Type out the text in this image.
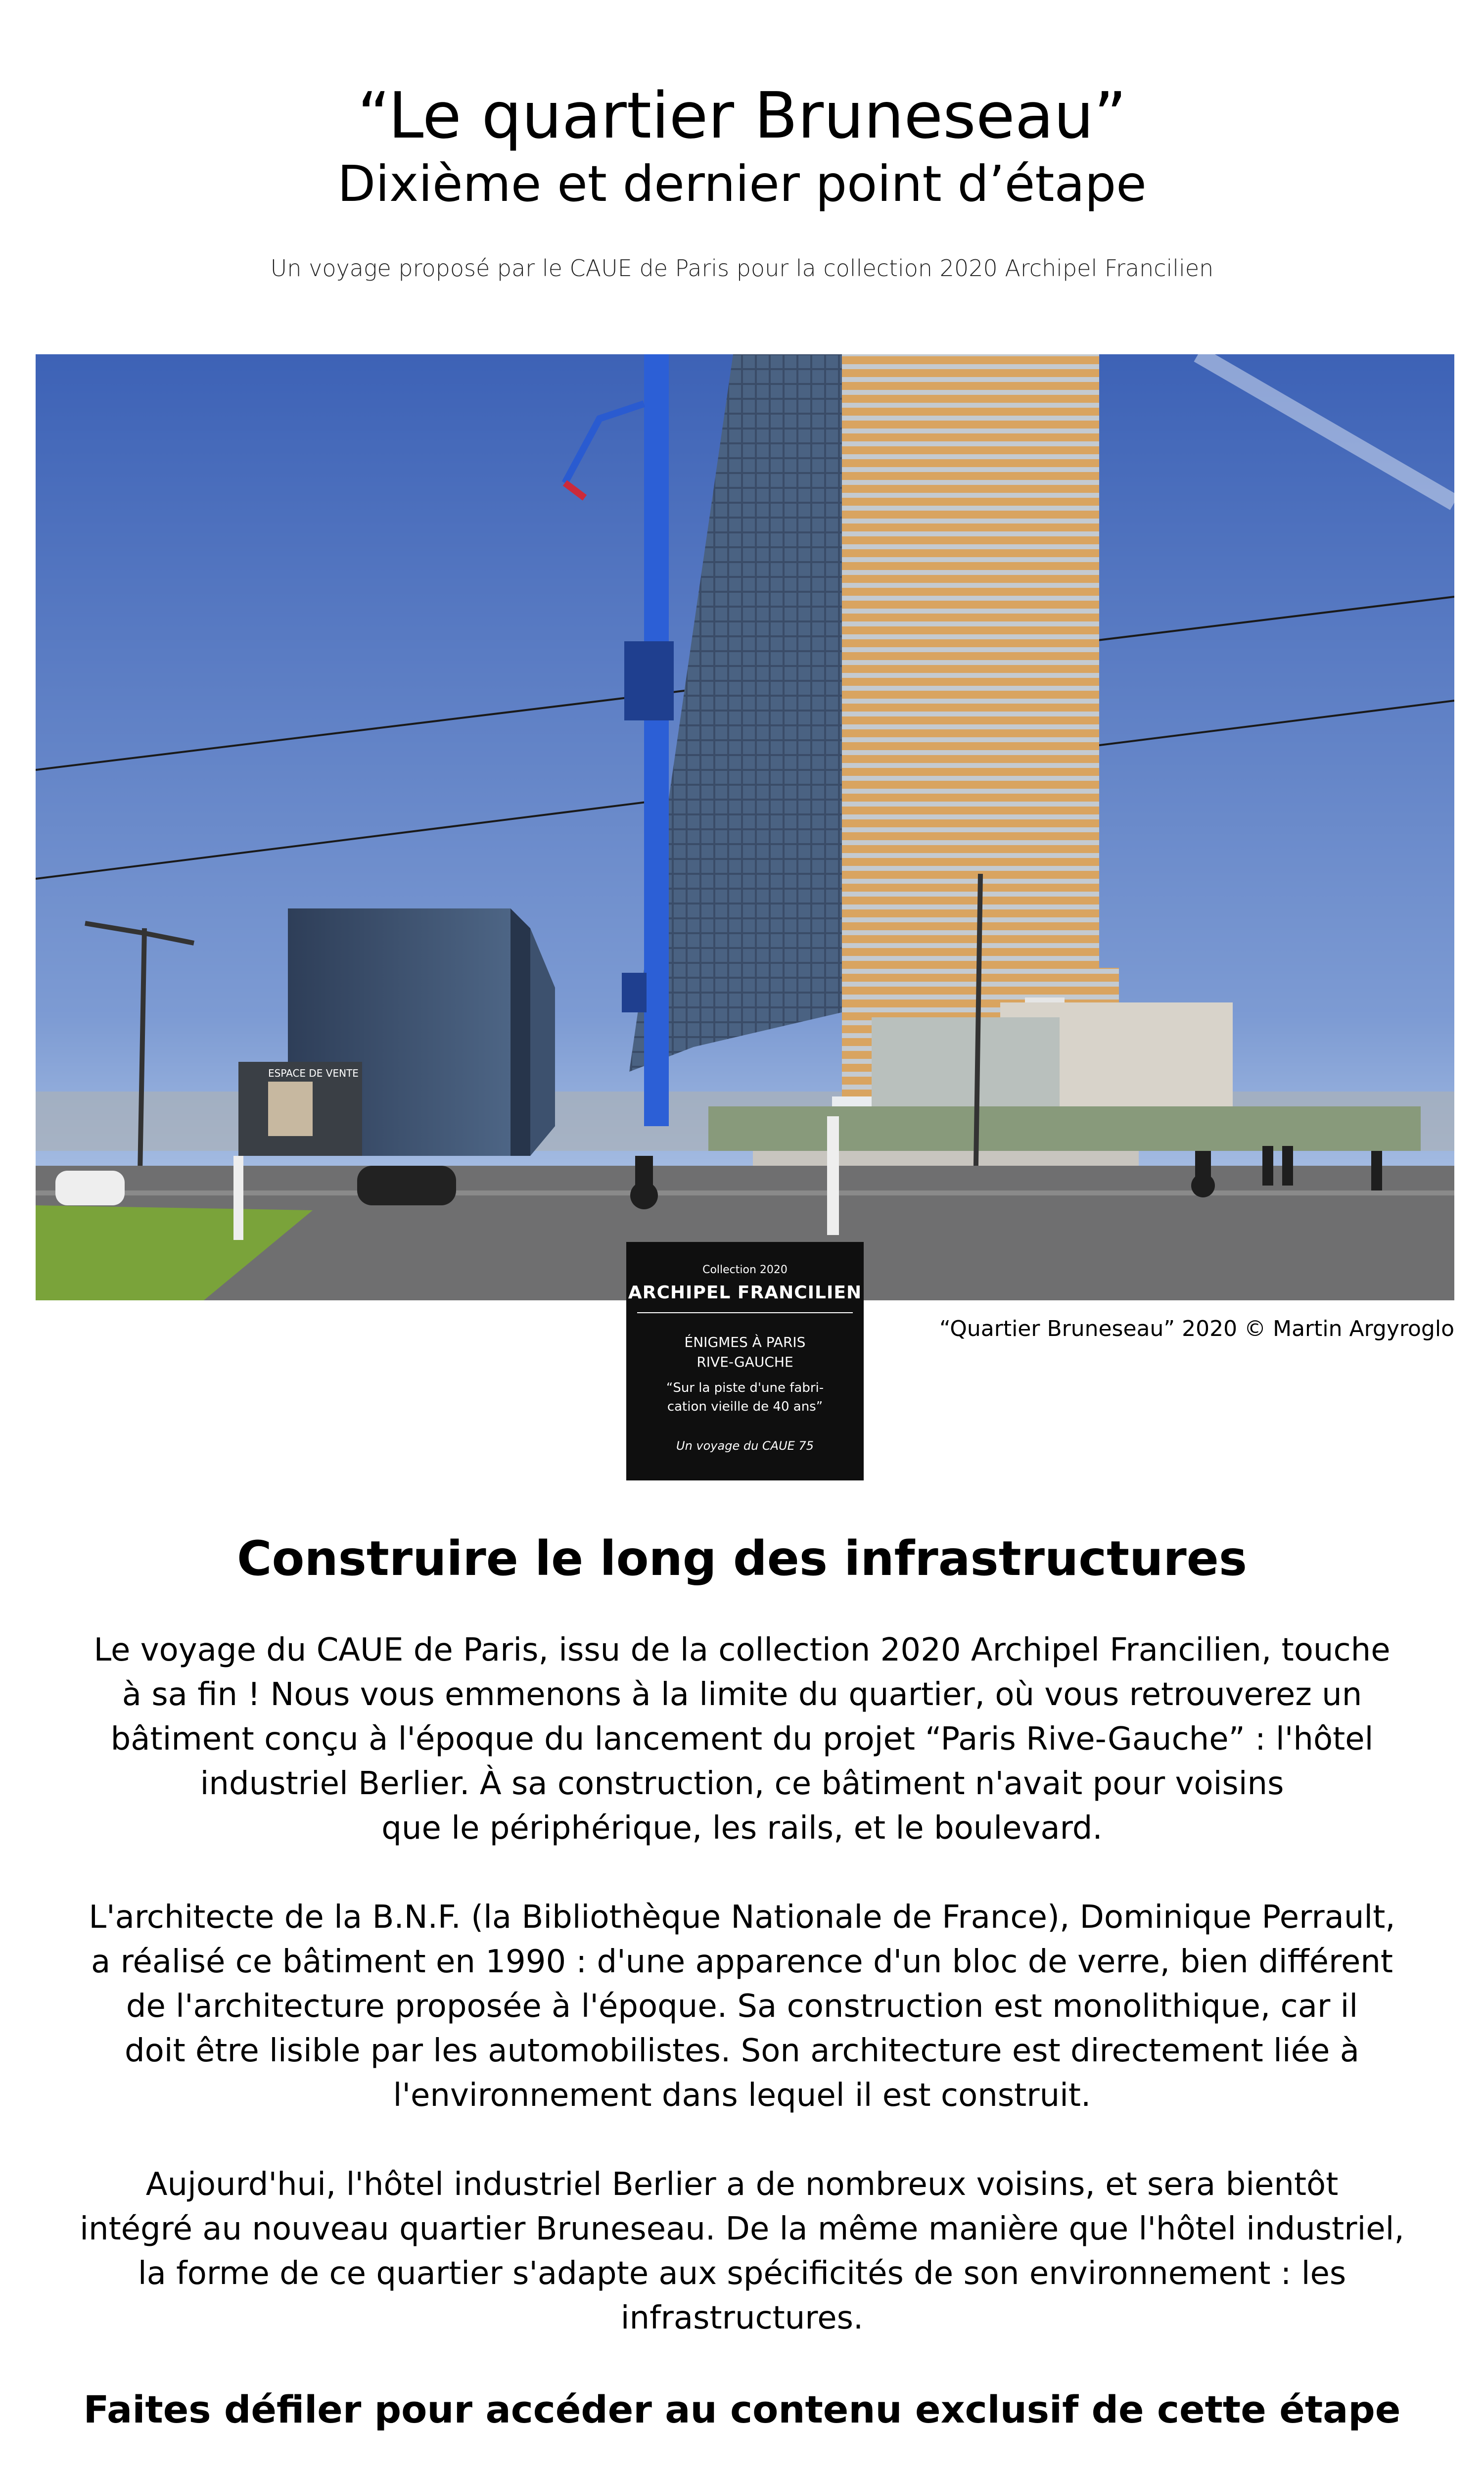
“Le quartier Bruneseau”
Dixième et dernier point d’étape
Un voyage proposé par le CAUE de Paris pour la collection 2020 Archipel Francilien
ESPACE DE VENTE
“Quartier Bruneseau” 2020 © Martin Argyroglo
Collection 2020
ARCHIPEL FRANCILIEN
ÉNIGMES À PARIS
RIVE-GAUCHE
“Sur la piste d'une fabri-
cation vieille de 40 ans”
Un voyage du CAUE 75
Construire le long des infrastructures
Le voyage du CAUE de Paris, issu de la collection 2020 Archipel Francilien, touche
à sa fin ! Nous vous emmenons à la limite du quartier, où vous retrouverez un
bâtiment conçu à l'époque du lancement du projet “Paris Rive-Gauche” : l'hôtel
industriel Berlier. À sa construction, ce bâtiment n'avait pour voisins
que le périphérique, les rails, et le boulevard.
L'architecte de la B.N.F. (la Bibliothèque Nationale de France), Dominique Perrault,
a réalisé ce bâtiment en 1990 : d'une apparence d'un bloc de verre, bien différent
de l'architecture proposée à l'époque. Sa construction est monolithique, car il
doit être lisible par les automobilistes. Son architecture est directement liée à
l'environnement dans lequel il est construit.
Aujourd'hui, l'hôtel industriel Berlier a de nombreux voisins, et sera bientôt
intégré au nouveau quartier Bruneseau. De la même manière que l'hôtel industriel,
la forme de ce quartier s'adapte aux spécificités de son environnement : les
infrastructures.
Faites défiler pour accéder au contenu exclusif de cette étape
